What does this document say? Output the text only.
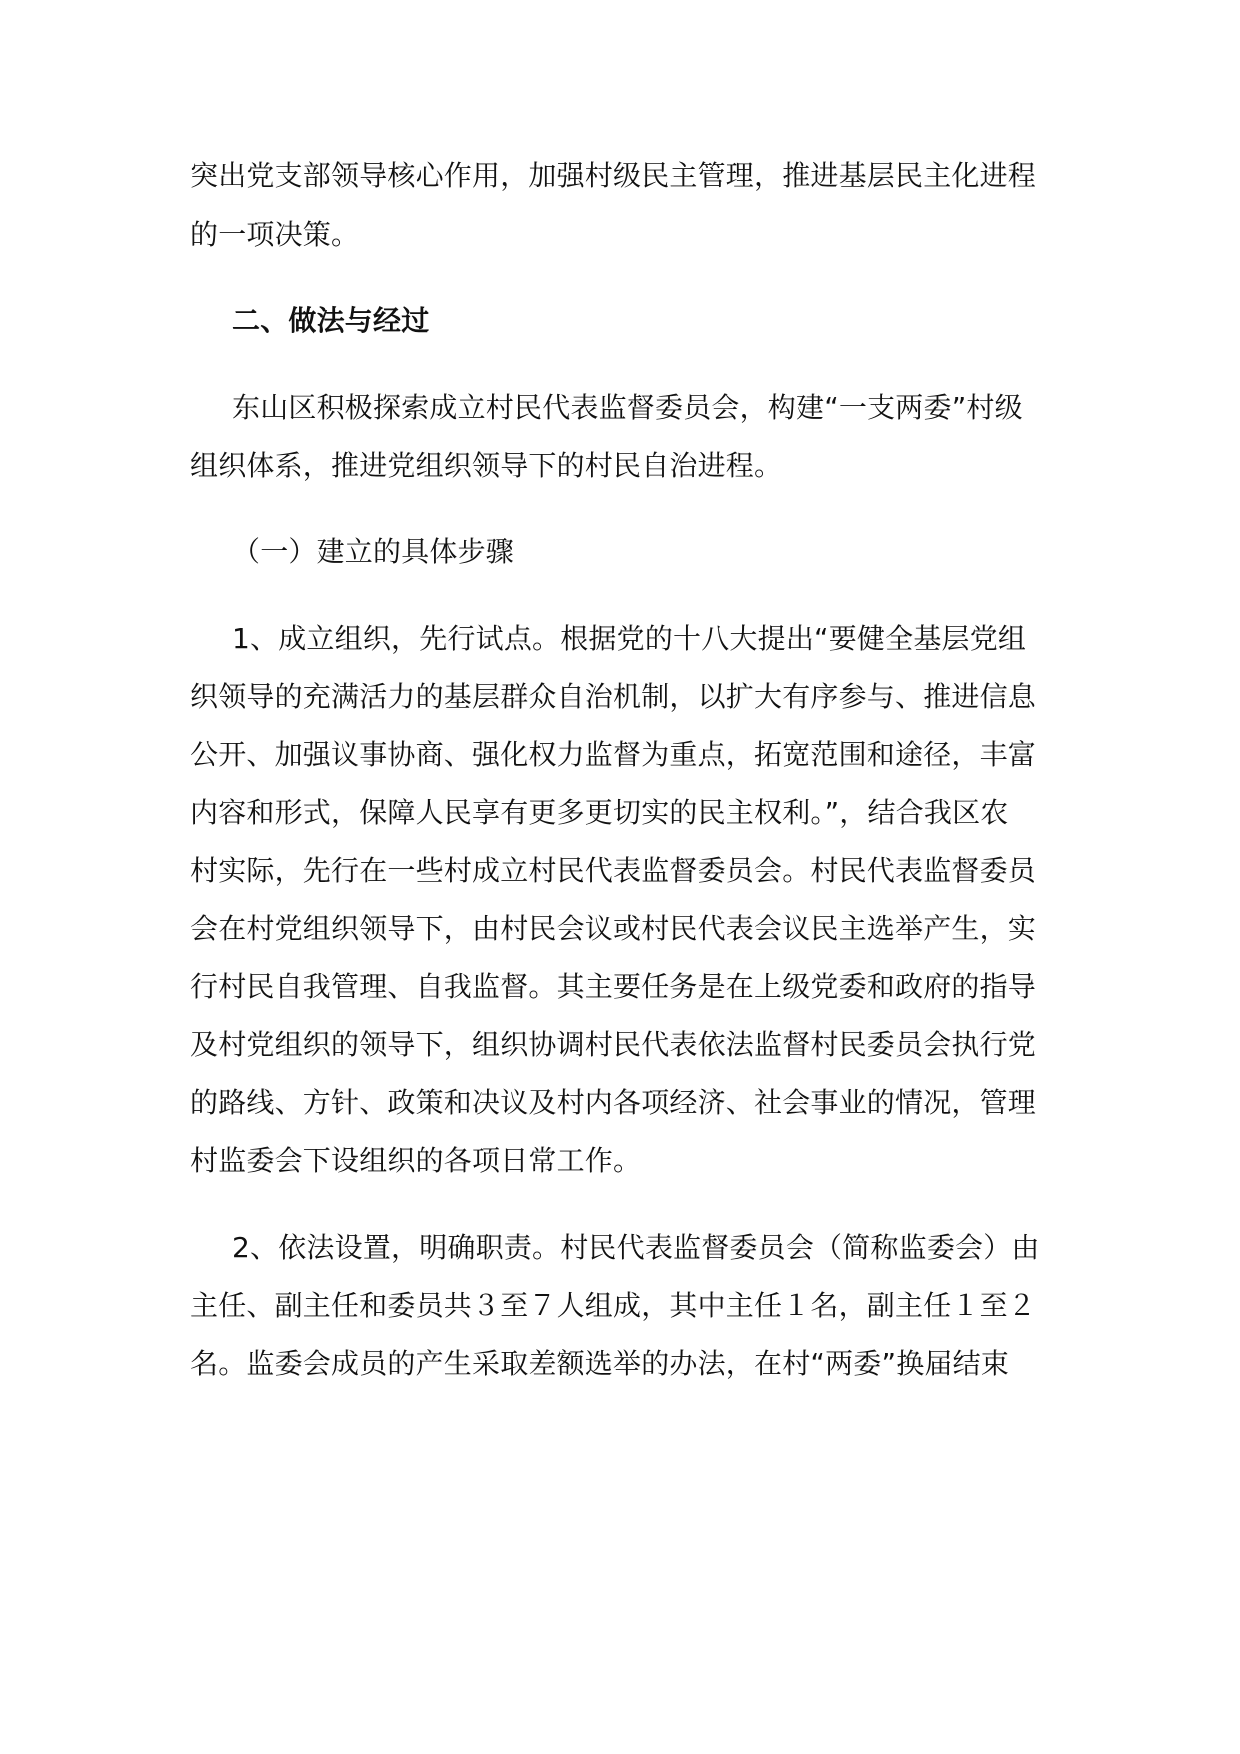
突出党支部领导核心作用，加强村级民主管理，推进基层民主化进程
的一项决策。
二、做法与经过
东山区积极探索成立村民代表监督委员会，构建“一支两委”村级
组织体系，推进党组织领导下的村民自治进程。
（一）建立的具体步骤
1、成立组织，先行试点。根据党的十八大提出“要健全基层党组
织领导的充满活力的基层群众自治机制，以扩大有序参与、推进信息
公开、加强议事协商、强化权力监督为重点，拓宽范围和途径，丰富
内容和形式，保障人民享有更多更切实的民主权利。”，结合我区农
村实际，先行在一些村成立村民代表监督委员会。村民代表监督委员
会在村党组织领导下，由村民会议或村民代表会议民主选举产生，实
行村民自我管理、自我监督。其主要任务是在上级党委和政府的指导
及村党组织的领导下，组织协调村民代表依法监督村民委员会执行党
的路线、方针、政策和决议及村内各项经济、社会事业的情况，管理
村监委会下设组织的各项日常工作。
2、依法设置，明确职责。村民代表监督委员会（简称监委会）由
主任、副主任和委员共３至７人组成，其中主任１名，副主任１至２
名。监委会成员的产生采取差额选举的办法，在村“两委”换届结束
